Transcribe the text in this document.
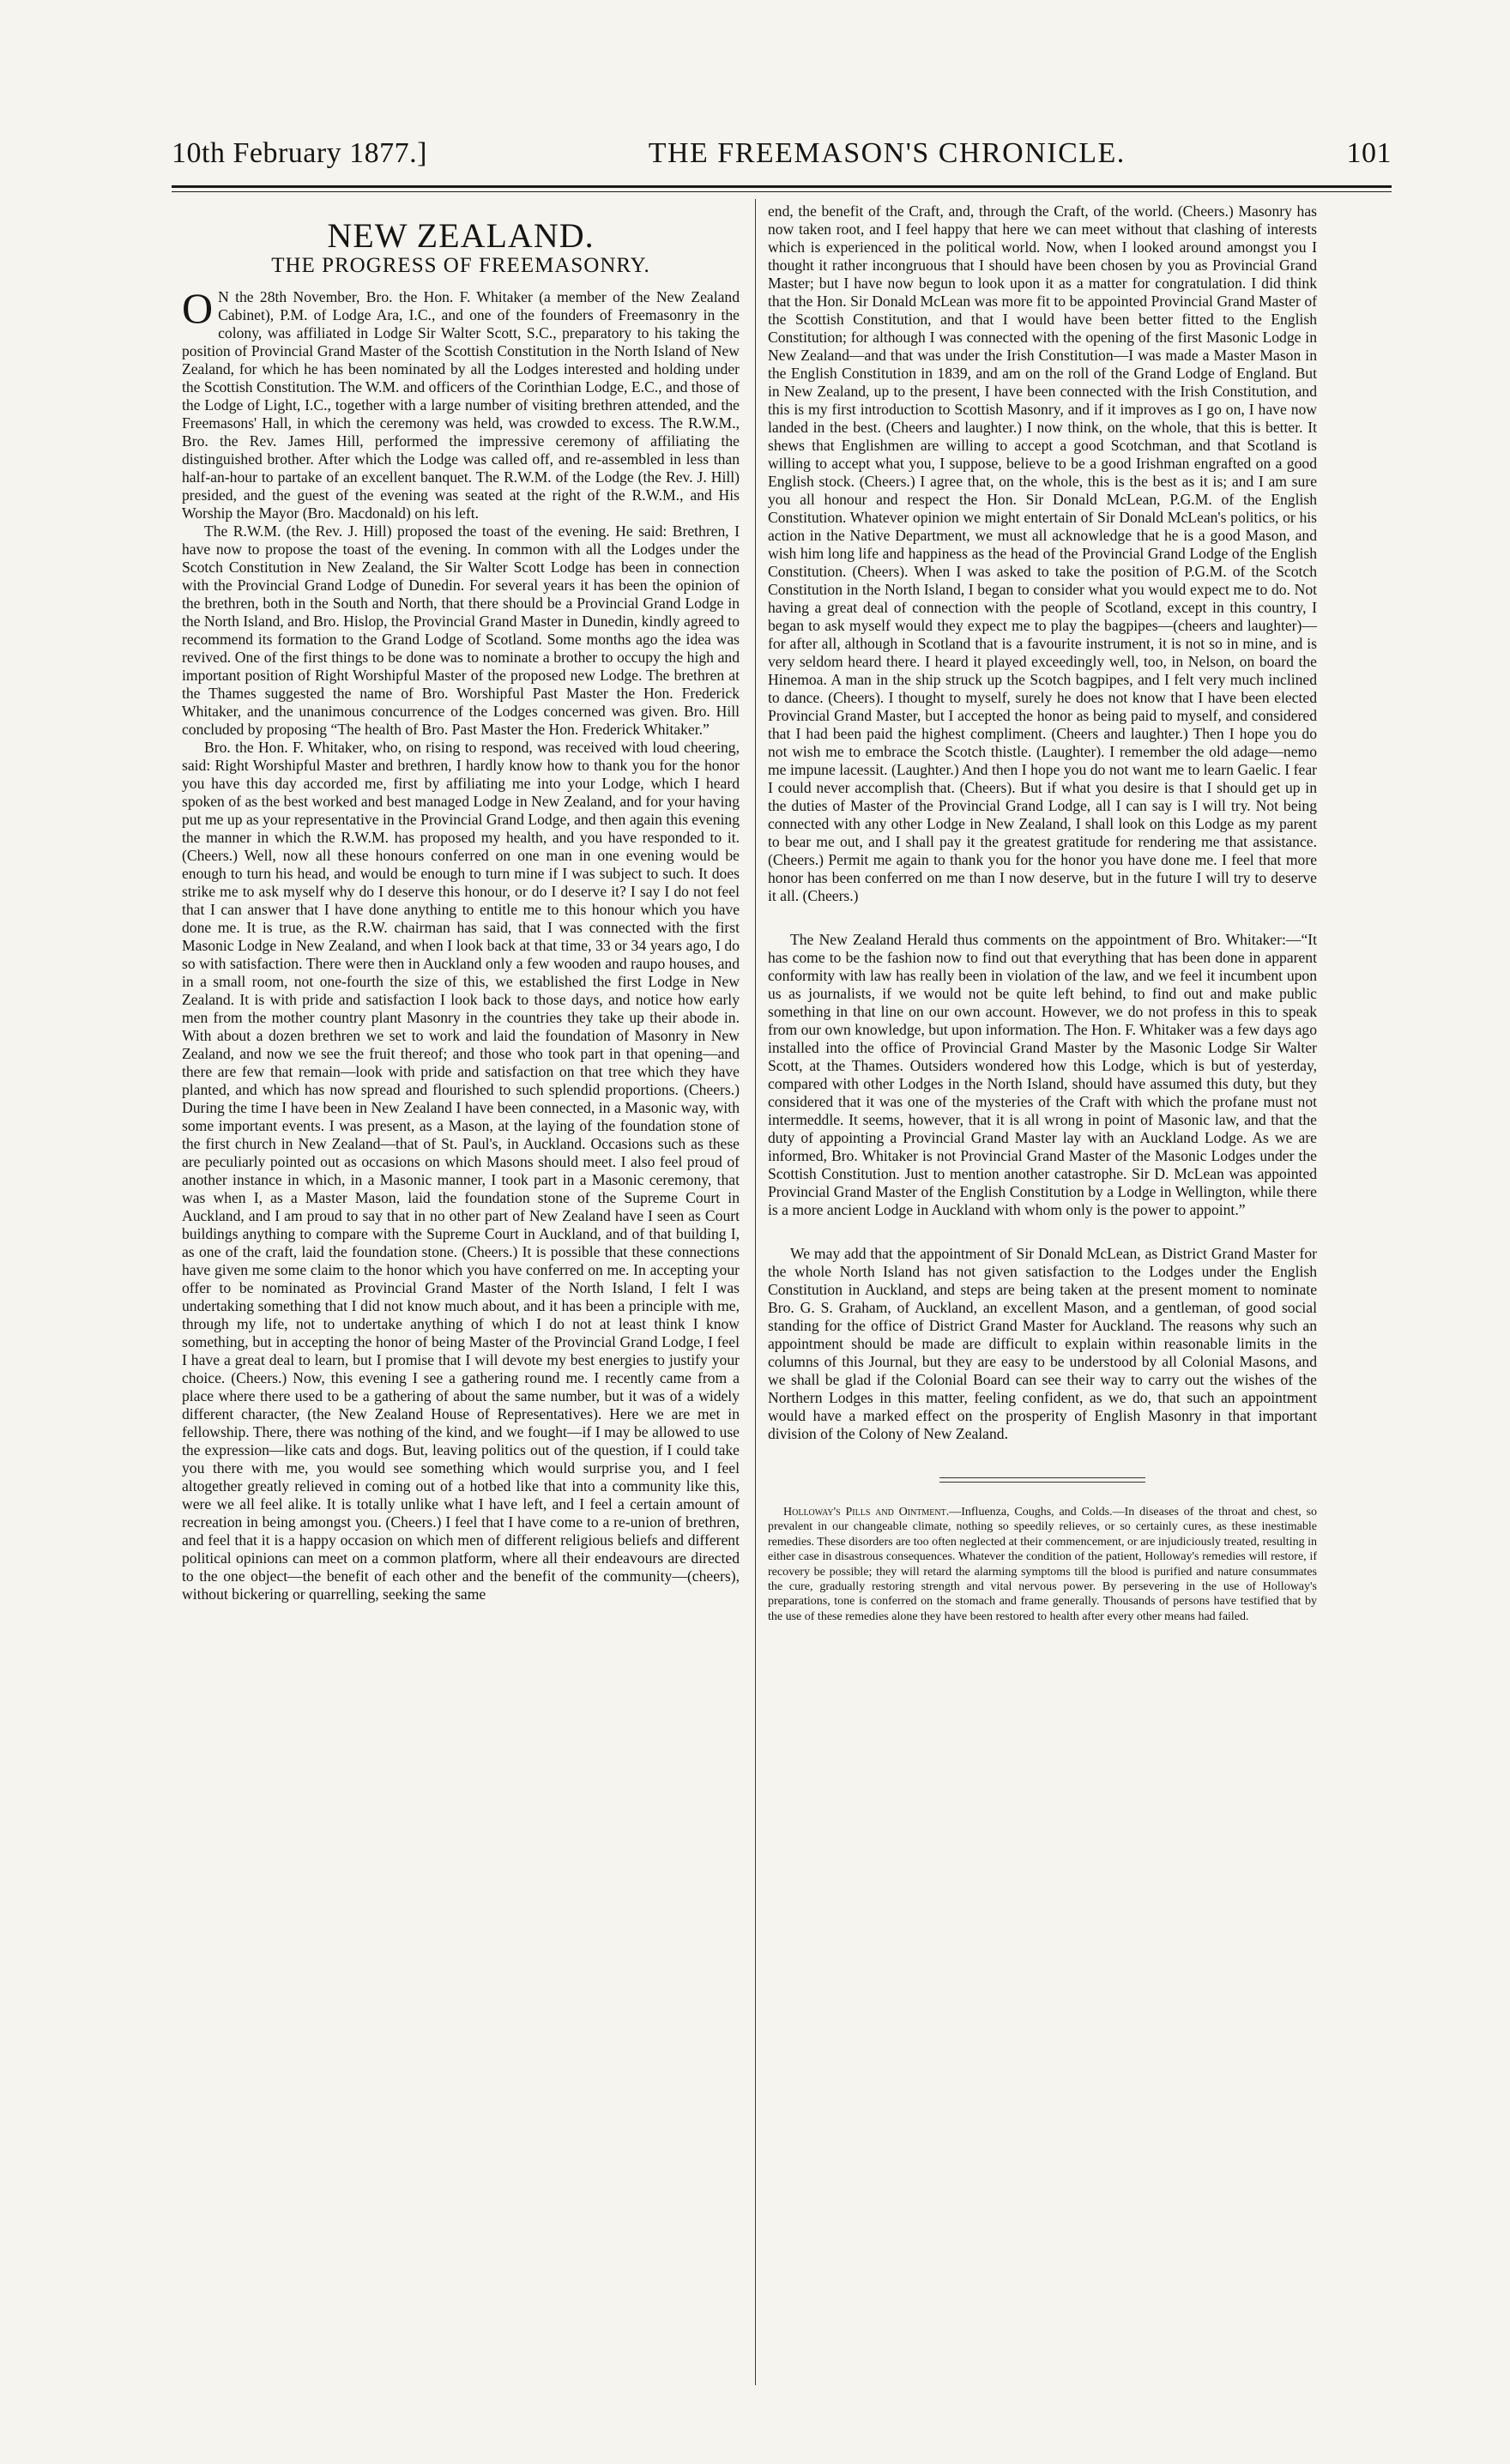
10th February 1877.]	THE FREEMASON'S CHRONICLE.	101
NEW ZEALAND.
THE PROGRESS OF FREEMASONRY.

O N the 28th November, Bro. the Hon. F. Whitaker (a member of the New Zealand Cabinet), P.M. of Lodge Ara, I.C., and one of the founders of Freemasonry in the colony, was affiliated in Lodge Sir Walter Scott, S.C., preparatory to his taking the position of Provincial Grand Master of the Scottish Constitution in the North Island of New Zealand, for which he has been nominated by all the Lodges interested and holding under the Scottish Constitution. The W.M. and officers of the Corinthian Lodge, E.C., and those of the Lodge of Light, I.C., together with a large number of visiting brethren attended, and the Freemasons' Hall, in which the ceremony was held, was crowded to excess. The R.W.M., Bro. the Rev. James Hill, performed the impressive ceremony of affiliating the distinguished brother. After which the Lodge was called off, and re-assembled in less than half-an-hour to partake of an excellent banquet. The R.W.M. of the Lodge (the Rev. J. Hill) presided, and the guest of the evening was seated at the right of the R.W.M., and His Worship the Mayor (Bro. Macdonald) on his left.

The R.W.M. (the Rev. J. Hill) proposed the toast of the evening. He said: Brethren, I have now to propose the toast of the evening. In common with all the Lodges under the Scotch Constitution in New Zealand, the Sir Walter Scott Lodge has been in connection with the Provincial Grand Lodge of Dunedin. For several years it has been the opinion of the brethren, both in the South and North, that there should be a Provincial Grand Lodge in the North Island, and Bro. Hislop, the Provincial Grand Master in Dunedin, kindly agreed to recommend its formation to the Grand Lodge of Scotland. Some months ago the idea was revived. One of the first things to be done was to nominate a brother to occupy the high and important position of Right Worshipful Master of the proposed new Lodge. The brethren at the Thames suggested the name of Bro. Worshipful Past Master the Hon. Frederick Whitaker, and the unanimous concurrence of the Lodges concerned was given. Bro. Hill concluded by proposing “The health of Bro. Past Master the Hon. Frederick Whitaker.”

Bro. the Hon. F. Whitaker, who, on rising to respond, was received with loud cheering, said: Right Worshipful Master and brethren, I hardly know how to thank you for the honor you have this day accorded me, first by affiliating me into your Lodge, which I heard spoken of as the best worked and best managed Lodge in New Zealand, and for your having put me up as your representative in the Provincial Grand Lodge, and then again this evening the manner in which the R.W.M. has proposed my health, and you have responded to it. (Cheers.) Well, now all these honours conferred on one man in one evening would be enough to turn his head, and would be enough to turn mine if I was subject to such. It does strike me to ask myself why do I deserve this honour, or do I deserve it? I say I do not feel that I can answer that I have done anything to entitle me to this honour which you have done me. It is true, as the R.W. chairman has said, that I was connected with the first Masonic Lodge in New Zealand, and when I look back at that time, 33 or 34 years ago, I do so with satisfaction. There were then in Auckland only a few wooden and raupo houses, and in a small room, not one-fourth the size of this, we established the first Lodge in New Zealand. It is with pride and satisfaction I look back to those days, and notice how early men from the mother country plant Masonry in the countries they take up their abode in. With about a dozen brethren we set to work and laid the foundation of Masonry in New Zealand, and now we see the fruit thereof; and those who took part in that opening—and there are few that remain—look with pride and satisfaction on that tree which they have planted, and which has now spread and flourished to such splendid proportions. (Cheers.) During the time I have been in New Zealand I have been connected, in a Masonic way, with some important events. I was present, as a Mason, at the laying of the foundation stone of the first church in New Zealand—that of St. Paul's, in Auckland. Occasions such as these are peculiarly pointed out as occasions on which Masons should meet. I also feel proud of another instance in which, in a Masonic manner, I took part in a Masonic ceremony, that was when I, as a Master Mason, laid the foundation stone of the Supreme Court in Auckland, and I am proud to say that in no other part of New Zealand have I seen as Court buildings anything to compare with the Supreme Court in Auckland, and of that building I, as one of the craft, laid the foundation stone. (Cheers.) It is possible that these connections have given me some claim to the honor which you have conferred on me. In accepting your offer to be nominated as Provincial Grand Master of the North Island, I felt I was undertaking something that I did not know much about, and it has been a principle with me, through my life, not to undertake anything of which I do not at least think I know something, but in accepting the honor of being Master of the Provincial Grand Lodge, I feel I have a great deal to learn, but I promise that I will devote my best energies to justify your choice. (Cheers.) Now, this evening I see a gathering round me. I recently came from a place where there used to be a gathering of about the same number, but it was of a widely different character, (the New Zealand House of Representatives). Here we are met in fellowship. There, there was nothing of the kind, and we fought—if I may be allowed to use the expression—like cats and dogs. But, leaving politics out of the question, if I could take you there with me, you would see something which would surprise you, and I feel altogether greatly relieved in coming out of a hotbed like that into a community like this, were we all feel alike. It is totally unlike what I have left, and I feel a certain amount of recreation in being amongst you. (Cheers.) I feel that I have come to a re-union of brethren, and feel that it is a happy occasion on which men of different religious beliefs and different political opinions can meet on a common platform, where all their endeavours are directed to the one object—the benefit of each other and the benefit of the community—(cheers), without bickering or quarrelling, seeking the same

end, the benefit of the Craft, and, through the Craft, of the world. (Cheers.) Masonry has now taken root, and I feel happy that here we can meet without that clashing of interests which is experienced in the political world. Now, when I looked around amongst you I thought it rather incongruous that I should have been chosen by you as Provincial Grand Master; but I have now begun to look upon it as a matter for congratulation. I did think that the Hon. Sir Donald McLean was more fit to be appointed Provincial Grand Master of the Scottish Constitution, and that I would have been better fitted to the English Constitution; for although I was connected with the opening of the first Masonic Lodge in New Zealand—and that was under the Irish Constitution—I was made a Master Mason in the English Constitution in 1839, and am on the roll of the Grand Lodge of England. But in New Zealand, up to the present, I have been connected with the Irish Constitution, and this is my first introduction to Scottish Masonry, and if it improves as I go on, I have now landed in the best. (Cheers and laughter.) I now think, on the whole, that this is better. It shews that Englishmen are willing to accept a good Scotchman, and that Scotland is willing to accept what you, I suppose, believe to be a good Irishman engrafted on a good English stock. (Cheers.) I agree that, on the whole, this is the best as it is; and I am sure you all honour and respect the Hon. Sir Donald McLean, P.G.M. of the English Constitution. Whatever opinion we might entertain of Sir Donald McLean's politics, or his action in the Native Department, we must all acknowledge that he is a good Mason, and wish him long life and happiness as the head of the Provincial Grand Lodge of the English Constitution. (Cheers). When I was asked to take the position of P.G.M. of the Scotch Constitution in the North Island, I began to consider what you would expect me to do. Not having a great deal of connection with the people of Scotland, except in this country, I began to ask myself would they expect me to play the bagpipes—(cheers and laughter)—for after all, although in Scotland that is a favourite instrument, it is not so in mine, and is very seldom heard there. I heard it played exceedingly well, too, in Nelson, on board the Hinemoa. A man in the ship struck up the Scotch bagpipes, and I felt very much inclined to dance. (Cheers). I thought to myself, surely he does not know that I have been elected Provincial Grand Master, but I accepted the honor as being paid to myself, and considered that I had been paid the highest compliment. (Cheers and laughter.) Then I hope you do not wish me to embrace the Scotch thistle. (Laughter). I remember the old adage—nemo me impune lacessit. (Laughter.) And then I hope you do not want me to learn Gaelic. I fear I could never accomplish that. (Cheers). But if what you desire is that I should get up in the duties of Master of the Provincial Grand Lodge, all I can say is I will try. Not being connected with any other Lodge in New Zealand, I shall look on this Lodge as my parent to bear me out, and I shall pay it the greatest gratitude for rendering me that assistance. (Cheers.) Permit me again to thank you for the honor you have done me. I feel that more honor has been conferred on me than I now deserve, but in the future I will try to deserve it all. (Cheers.)

The New Zealand Herald thus comments on the appointment of Bro. Whitaker:—“It has come to be the fashion now to find out that everything that has been done in apparent conformity with law has really been in violation of the law, and we feel it incumbent upon us as journalists, if we would not be quite left behind, to find out and make public something in that line on our own account. However, we do not profess in this to speak from our own knowledge, but upon information. The Hon. F. Whitaker was a few days ago installed into the office of Provincial Grand Master by the Masonic Lodge Sir Walter Scott, at the Thames. Outsiders wondered how this Lodge, which is but of yesterday, compared with other Lodges in the North Island, should have assumed this duty, but they considered that it was one of the mysteries of the Craft with which the profane must not intermeddle. It seems, however, that it is all wrong in point of Masonic law, and that the duty of appointing a Provincial Grand Master lay with an Auckland Lodge. As we are informed, Bro. Whitaker is not Provincial Grand Master of the Masonic Lodges under the Scottish Constitution. Just to mention another catastrophe. Sir D. McLean was appointed Provincial Grand Master of the English Constitution by a Lodge in Wellington, while there is a more ancient Lodge in Auckland with whom only is the power to appoint.”

We may add that the appointment of Sir Donald McLean, as District Grand Master for the whole North Island has not given satisfaction to the Lodges under the English Constitution in Auckland, and steps are being taken at the present moment to nominate Bro. G. S. Graham, of Auckland, an excellent Mason, and a gentleman, of good social standing for the office of District Grand Master for Auckland. The reasons why such an appointment should be made are difficult to explain within reasonable limits in the columns of this Journal, but they are easy to be understood by all Colonial Masons, and we shall be glad if the Colonial Board can see their way to carry out the wishes of the Northern Lodges in this matter, feeling confident, as we do, that such an appointment would have a marked effect on the prosperity of English Masonry in that important division of the Colony of New Zealand.

Holloway's Pills and Ointment.—Influenza, Coughs, and Colds.—In diseases of the throat and chest, so prevalent in our changeable climate, nothing so speedily relieves, or so certainly cures, as these inestimable remedies. These disorders are too often neglected at their commencement, or are injudiciously treated, resulting in either case in disastrous consequences. Whatever the condition of the patient, Holloway's remedies will restore, if recovery be possible; they will retard the alarming symptoms till the blood is purified and nature consummates the cure, gradually restoring strength and vital nervous power. By persevering in the use of Holloway's preparations, tone is conferred on the stomach and frame generally. Thousands of persons have testified that by the use of these remedies alone they have been restored to health after every other means had failed.
